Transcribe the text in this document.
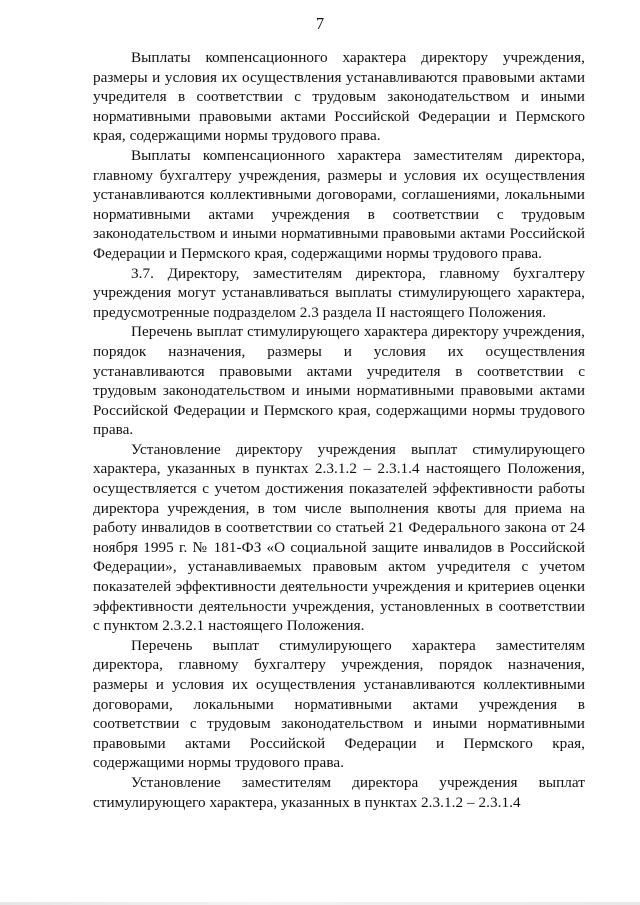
7

Выплаты компенсационного характера директору учреждения, размеры и условия их осуществления устанавливаются правовыми актами учредителя в соответствии с трудовым законодательством и иными нормативными правовыми актами Российской Федерации и Пермского края, содержащими нормы трудового права.

Выплаты компенсационного характера заместителям директора, главному бухгалтеру учреждения, размеры и условия их осуществления устанавливаются коллективными договорами, соглашениями, локальными нормативными актами учреждения в соответствии с трудовым законодательством и иными нормативными правовыми актами Российской Федерации и Пермского края, содержащими нормы трудового права.

3.7. Директору, заместителям директора, главному бухгалтеру учреждения могут устанавливаться выплаты стимулирующего характера, предусмотренные подразделом 2.3 раздела II настоящего Положения.

Перечень выплат стимулирующего характера директору учреждения, порядок назначения, размеры и условия их осуществления устанавливаются правовыми актами учредителя в соответствии с трудовым законодательством и иными нормативными правовыми актами Российской Федерации и Пермского края, содержащими нормы трудового права.

Установление директору учреждения выплат стимулирующего характера, указанных в пунктах 2.3.1.2 – 2.3.1.4 настоящего Положения, осуществляется с учетом достижения показателей эффективности работы директора учреждения, в том числе выполнения квоты для приема на работу инвалидов в соответствии со статьей 21 Федерального закона от 24 ноября 1995 г. № 181-ФЗ «О социальной защите инвалидов в Российской Федерации», устанавливаемых правовым актом учредителя с учетом показателей эффективности деятельности учреждения и критериев оценки эффективности деятельности учреждения, установленных в соответствии с пунктом 2.3.2.1 настоящего Положения.

Перечень выплат стимулирующего характера заместителям директора, главному бухгалтеру учреждения, порядок назначения, размеры и условия их осуществления устанавливаются коллективными договорами, локальными нормативными актами учреждения в соответствии с трудовым законодательством и иными нормативными правовыми актами Российской Федерации и Пермского края, содержащими нормы трудового права.

Установление заместителям директора учреждения выплат стимулирующего характера, указанных в пунктах 2.3.1.2 – 2.3.1.4
